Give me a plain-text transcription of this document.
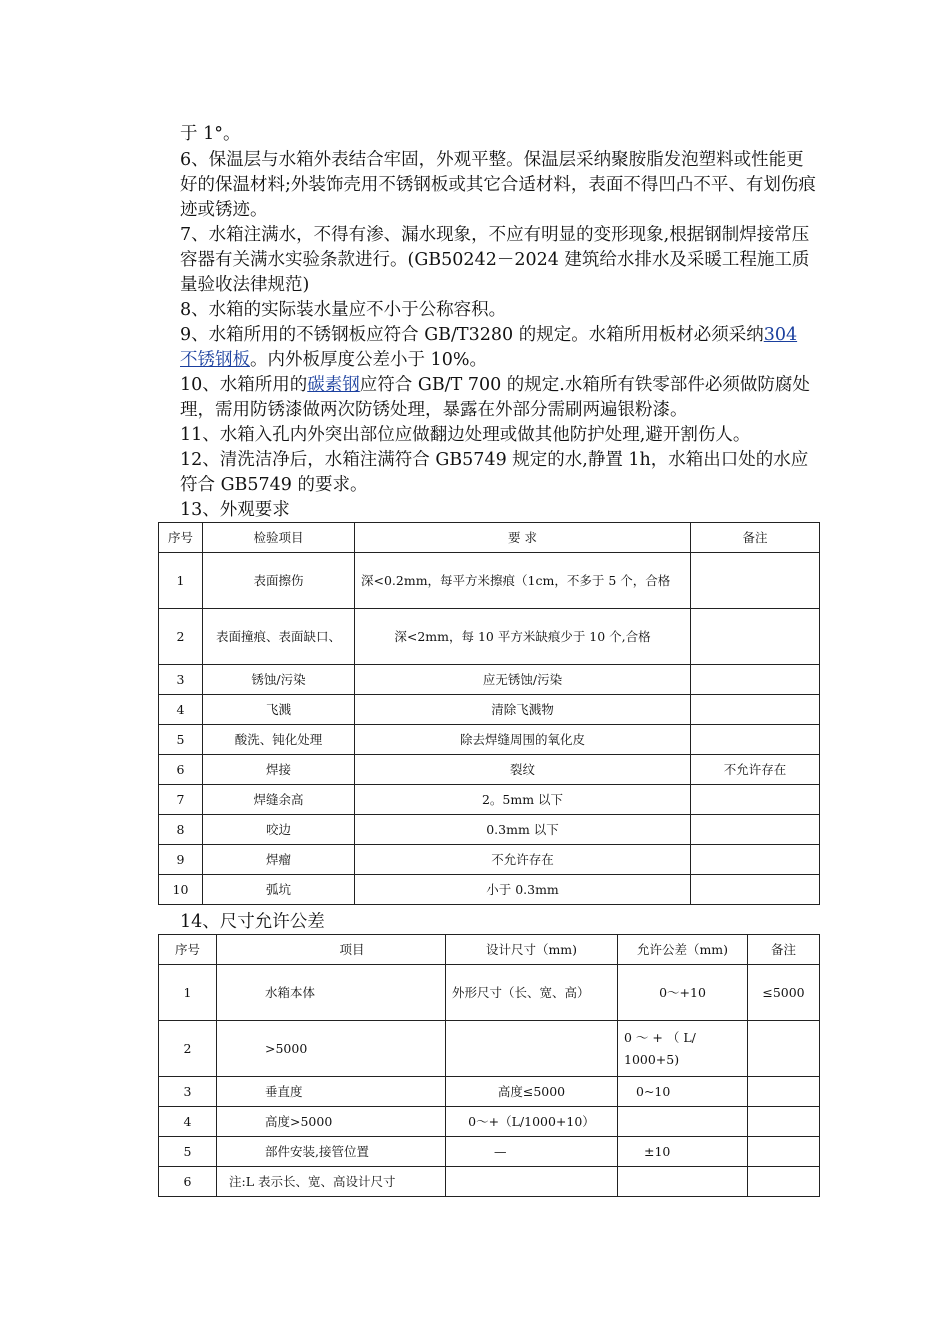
于 1°。

6、保温层与水箱外表结合牢固，外观平整。保温层采纳聚胺脂发泡塑料或性能更好的保温材料;外装饰壳用不锈钢板或其它合适材料，表面不得凹凸不平、有划伤痕迹或锈迹。

7、水箱注满水，不得有渗、漏水现象，不应有明显的变形现象,根据钢制焊接常压容器有关满水实验条款进行。(GB50242－2024 建筑给水排水及采暖工程施工质量验收法律规范)

8、水箱的实际装水量应不小于公称容积。

9、水箱所用的不锈钢板应符合 GB/T3280 的规定。水箱所用板材必须采纳304 不锈钢板。内外板厚度公差小于 10%。

10、水箱所用的碳素钢应符合 GB/T 700 的规定.水箱所有铁零部件必须做防腐处理，需用防锈漆做两次防锈处理，暴露在外部分需刷两遍银粉漆。

11、水箱入孔内外突出部位应做翻边处理或做其他防护处理,避开割伤人。

12、清洗洁净后，水箱注满符合 GB5749 规定的水,静置 1h，水箱出口处的水应符合 GB5749 的要求。

13、外观要求

序号	检验项目	要 求	备注
1	表面擦伤	深<0.2mm，每平方米擦痕（1cm，不多于 5 个，合格	
2	表面撞痕、表面缺口、	深<2mm，每 10 平方米缺痕少于 10 个,合格	
3	锈蚀/污染	应无锈蚀/污染	
4	飞溅	清除飞溅物	
5	酸洗、钝化处理	除去焊缝周围的氧化皮	
6	焊接	裂纹	不允许存在
7	焊缝余高	2。5mm 以下	
8	咬边	0.3mm 以下	
9	焊瘤	不允许存在	
10	弧坑	小于 0.3mm	

14、尺寸允许公差

序号	项目	设计尺寸（mm)	允许公差（mm)	备注
1	水箱本体	外形尺寸（长、宽、高）	0～+10	≤5000
2	>5000		0 ～ + （ L/ 1000+5)	
3	垂直度	高度≤5000	0~10	
4	高度>5000	0～+（L/1000+10）		
5	部件安装,接管位置	—	±10	
6	注:L 表示长、宽、高设计尺寸			
